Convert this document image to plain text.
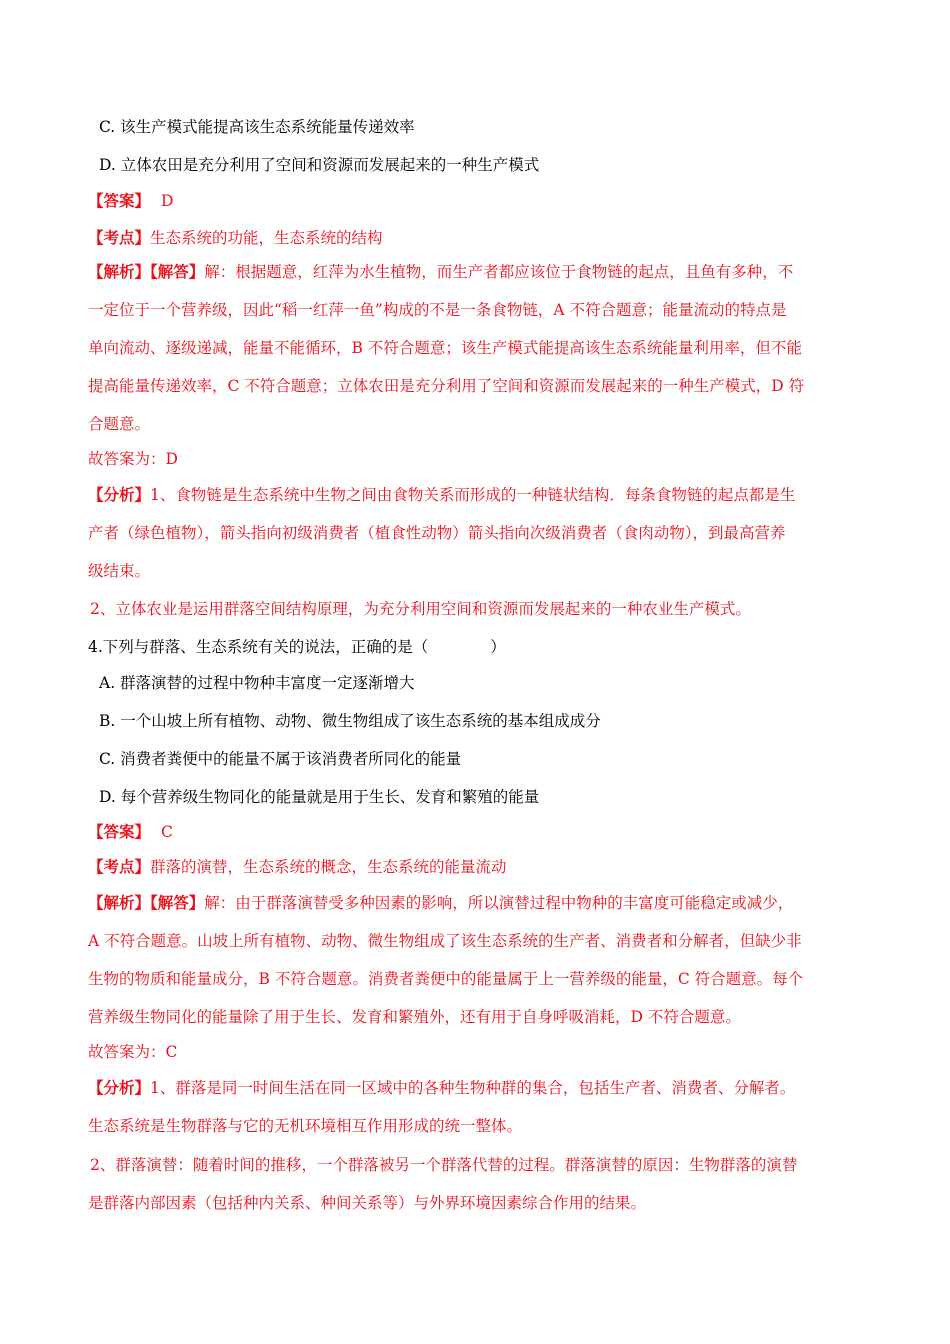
C. 该生产模式能提高该生态系统能量传递效率
D. 立体农田是充分利用了空间和资源而发展起来的一种生产模式
【答案】 D
【考点】生态系统的功能，生态系统的结构
【解析】【解答】解：根据题意，红萍为水生植物，而生产者都应该位于食物链的起点，且鱼有多种，不
一定位于一个营养级，因此“稻一红萍一鱼”构成的不是一条食物链，A 不符合题意；能量流动的特点是
单向流动、逐级递减，能量不能循环，B 不符合题意；该生产模式能提高该生态系统能量利用率，但不能
提高能量传递效率，C 不符合题意；立体农田是充分利用了空间和资源而发展起来的一种生产模式，D 符
合题意。
故答案为：D
【分析】1、食物链是生态系统中生物之间由食物关系而形成的一种链状结构．每条食物链的起点都是生
产者（绿色植物），箭头指向初级消费者（植食性动物）箭头指向次级消费者（食肉动物），到最高营养
级结束。
2、立体农业是运用群落空间结构原理，为充分利用空间和资源而发展起来的一种农业生产模式。
4.下列与群落、生态系统有关的说法，正确的是（　　　　）
A. 群落演替的过程中物种丰富度一定逐渐增大
B. 一个山坡上所有植物、动物、微生物组成了该生态系统的基本组成成分
C. 消费者粪便中的能量不属于该消费者所同化的能量
D. 每个营养级生物同化的能量就是用于生长、发育和繁殖的能量
【答案】 C
【考点】群落的演替，生态系统的概念，生态系统的能量流动
【解析】【解答】解：由于群落演替受多种因素的影响，所以演替过程中物种的丰富度可能稳定或减少，
A 不符合题意。山坡上所有植物、动物、微生物组成了该生态系统的生产者、消费者和分解者，但缺少非
生物的物质和能量成分，B 不符合题意。消费者粪便中的能量属于上一营养级的能量，C 符合题意。每个
营养级生物同化的能量除了用于生长、发育和繁殖外，还有用于自身呼吸消耗，D 不符合题意。
故答案为：C
【分析】1、群落是同一时间生活在同一区域中的各种生物种群的集合，包括生产者、消费者、分解者。
生态系统是生物群落与它的无机环境相互作用形成的统一整体。
2、群落演替：随着时间的推移，一个群落被另一个群落代替的过程。群落演替的原因：生物群落的演替
是群落内部因素（包括种内关系、种间关系等）与外界环境因素综合作用的结果。
